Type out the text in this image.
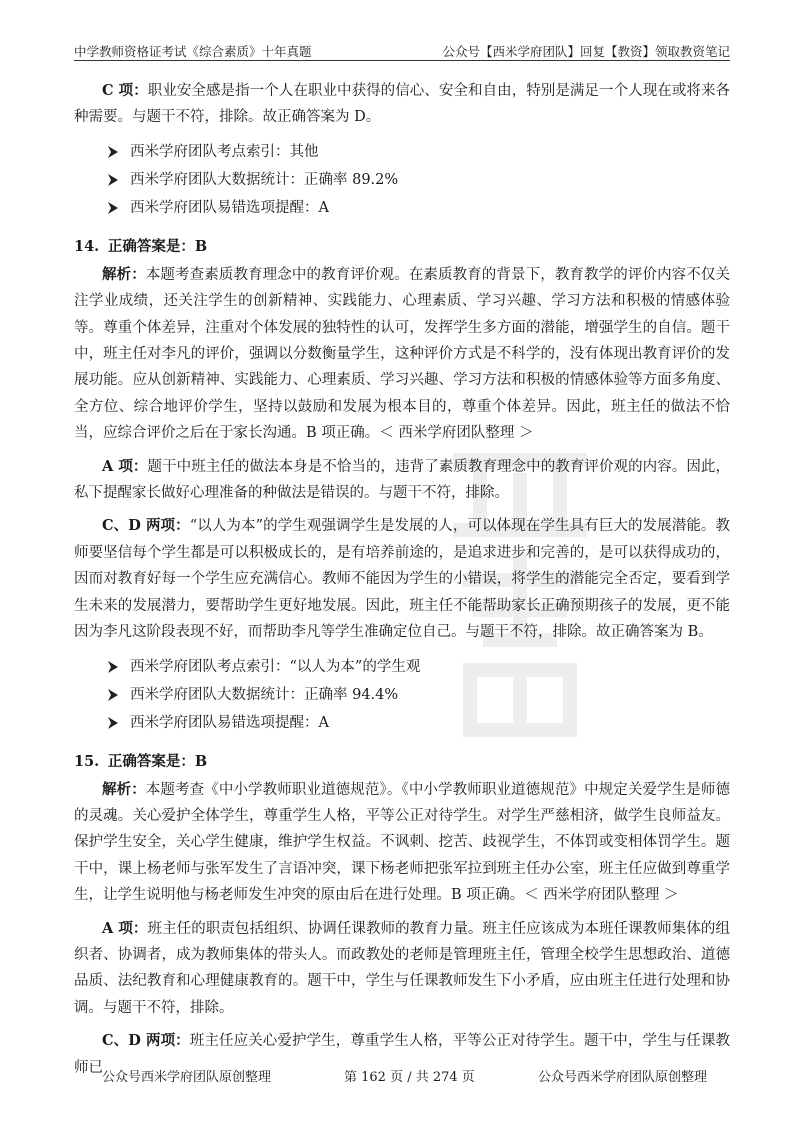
中学教师资格证考试《综合素质》十年真题	公众号【西米学府团队】回复【教资】领取教资笔记

C 项：职业安全感是指一个人在职业中获得的信心、安全和自由，特别是满足一个人现在或将来各种需要。与题干不符，排除。故正确答案为 D。

西米学府团队考点索引：其他
西米学府团队大数据统计：正确率 89.2%
西米学府团队易错选项提醒：A
14. 正确答案是：B

解析：本题考查素质教育理念中的教育评价观。在素质教育的背景下，教育教学的评价内容不仅关注学业成绩，还关注学生的创新精神、实践能力、心理素质、学习兴趣、学习方法和积极的情感体验等。尊重个体差异，注重对个体发展的独特性的认可，发挥学生多方面的潜能，增强学生的自信。题干中，班主任对李凡的评价，强调以分数衡量学生，这种评价方式是不科学的，没有体现出教育评价的发展功能。应从创新精神、实践能力、心理素质、学习兴趣、学习方法和积极的情感体验等方面多角度、全方位、综合地评价学生，坚持以鼓励和发展为根本目的，尊重个体差异。因此，班主任的做法不恰当，应综合评价之后在于家长沟通。B 项正确。＜ 西米学府团队整理 ＞

A 项：题干中班主任的做法本身是不恰当的，违背了素质教育理念中的教育评价观的内容。因此，私下提醒家长做好心理准备的种做法是错误的。与题干不符，排除。

C、D 两项：“以人为本”的学生观强调学生是发展的人，可以体现在学生具有巨大的发展潜能。教师要坚信每个学生都是可以积极成长的，是有培养前途的，是追求进步和完善的，是可以获得成功的，因而对教育好每一个学生应充满信心。教师不能因为学生的小错误，将学生的潜能完全否定，要看到学生未来的发展潜力，要帮助学生更好地发展。因此，班主任不能帮助家长正确预期孩子的发展，更不能因为李凡这阶段表现不好，而帮助李凡等学生准确定位自己。与题干不符，排除。故正确答案为 B。

西米学府团队考点索引：“以人为本”的学生观
西米学府团队大数据统计：正确率 94.4%
西米学府团队易错选项提醒：A
15. 正确答案是：B

解析：本题考查《中小学教师职业道德规范》。《中小学教师职业道德规范》中规定关爱学生是师德的灵魂。关心爱护全体学生，尊重学生人格，平等公正对待学生。对学生严慈相济，做学生良师益友。保护学生安全，关心学生健康，维护学生权益。不讽刺、挖苦、歧视学生，不体罚或变相体罚学生。题干中，课上杨老师与张军发生了言语冲突，课下杨老师把张军拉到班主任办公室，班主任应做到尊重学生，让学生说明他与杨老师发生冲突的原由后在进行处理。B 项正确。＜ 西米学府团队整理 ＞

A 项：班主任的职责包括组织、协调任课教师的教育力量。班主任应该成为本班任课教师集体的组织者、协调者，成为教师集体的带头人。而政教处的老师是管理班主任，管理全校学生思想政治、道德品质、法纪教育和心理健康教育的。题干中，学生与任课教师发生下小矛盾，应由班主任进行处理和协调。与题干不符，排除。

C、D 两项：班主任应关心爱护学生，尊重学生人格，平等公正对待学生。题干中，学生与任课教师已

公众号西米学府团队原创整理	第 162 页 / 共 274 页	公众号西米学府团队原创整理
